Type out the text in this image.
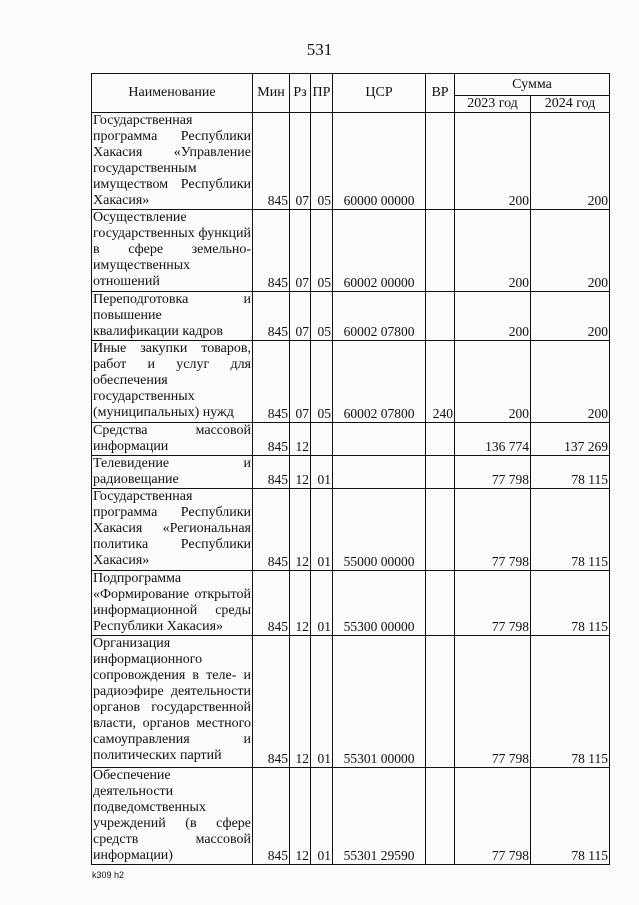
531
Наименование	Мин	Рз	ПР	ЦСР	ВР	Сумма	
						2023 год	2024 год
Государственная программа Республики Хакасия «Управление государственным имуществом Республики Хакасия»	845	07	05	60000 00000		200	200
Осуществление государственных функций в сфере земельно-имущественных отношений	845	07	05	60002 00000		200	200
Переподготовка и повышение квалификации кадров	845	07	05	60002 07800		200	200
Иные закупки товаров, работ и услуг для обеспечения государственных (муниципальных) нужд	845	07	05	60002 07800	240	200	200
Средства массовой информации	845	12				136 774	137 269
Телевидение и радиовещание	845	12	01			77 798	78 115
Государственная программа Республики Хакасия «Региональная политика Республики Хакасия»	845	12	01	55000 00000		77 798	78 115
Подпрограмма «Формирование открытой информационной среды Республики Хакасия»	845	12	01	55300 00000		77 798	78 115
Организация информационного сопровождения в теле- и радиоэфире деятельности органов государственной власти, органов местного самоуправления и политических партий	845	12	01	55301 00000		77 798	78 115
Обеспечение деятельности подведомственных учреждений (в сфере средств массовой информации)	845	12	01	55301 29590		77 798	78 115
k309 h2
